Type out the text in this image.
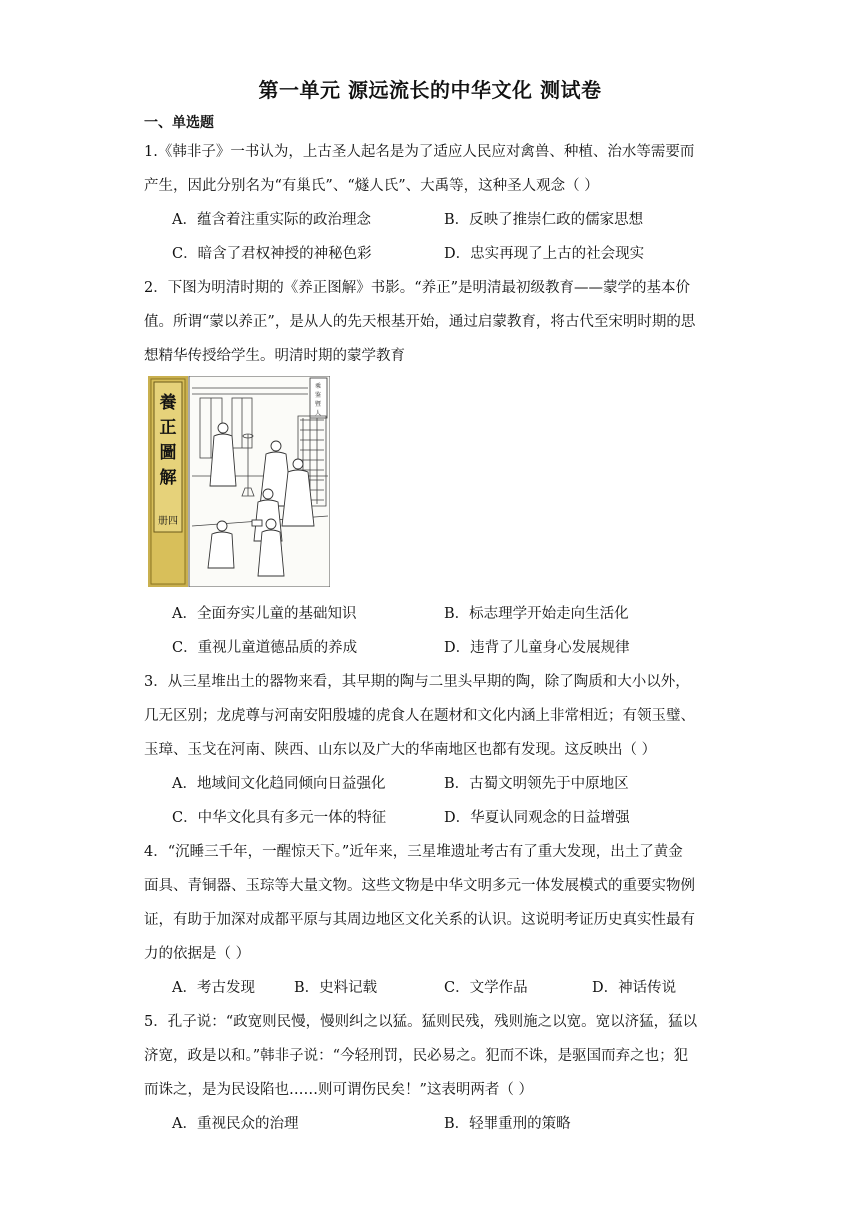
第一单元 源远流长的中华文化 测试卷
一、单选题
1.《韩非子》一书认为，上古圣人起名是为了适应人民应对禽兽、种植、治水等需要而
产生，因此分别名为“有巢氏”、“燧人氏”、大禹等，这种圣人观念（ ）
A．蕴含着注重实际的政治理念	B．反映了推崇仁政的儒家思想
C．暗含了君权神授的神秘色彩	D．忠实再现了上古的社会现实
2．下图为明清时期的《养正图解》书影。“养正”是明清最初级教育——蒙学的基本价
值。所谓“蒙以养正”，是从人的先天根基开始，通过启蒙教育，将古代至宋明时期的思
想精华传授给学生。明清时期的蒙学教育
養
正
圖
解
册四
乘
鉴
暨
人
A．全面夯实儿童的基础知识	B．标志理学开始走向生活化
C．重视儿童道德品质的养成	D．违背了儿童身心发展规律
3．从三星堆出土的器物来看，其早期的陶与二里头早期的陶，除了陶质和大小以外，
几无区别；龙虎尊与河南安阳殷墟的虎食人在题材和文化内涵上非常相近；有领玉璧、
玉璋、玉戈在河南、陕西、山东以及广大的华南地区也都有发现。这反映出（ ）
A．地域间文化趋同倾向日益强化	B．古蜀文明领先于中原地区
C．中华文化具有多元一体的特征	D．华夏认同观念的日益增强
4．“沉睡三千年，一醒惊天下。”近年来，三星堆遗址考古有了重大发现，出土了黄金
面具、青铜器、玉琮等大量文物。这些文物是中华文明多元一体发展模式的重要实物例
证，有助于加深对成都平原与其周边地区文化关系的认识。这说明考证历史真实性最有
力的依据是（ ）
A．考古发现	B．史料记载	C．文学作品	D．神话传说
5．孔子说：“政宽则民慢，慢则纠之以猛。猛则民残，残则施之以宽。宽以济猛，猛以
济宽，政是以和。”韩非子说：“今轻刑罚，民必易之。犯而不诛，是驱国而弃之也；犯
而诛之，是为民设陷也……则可谓伤民矣！”这表明两者（ ）
A．重视民众的治理	B．轻罪重刑的策略
